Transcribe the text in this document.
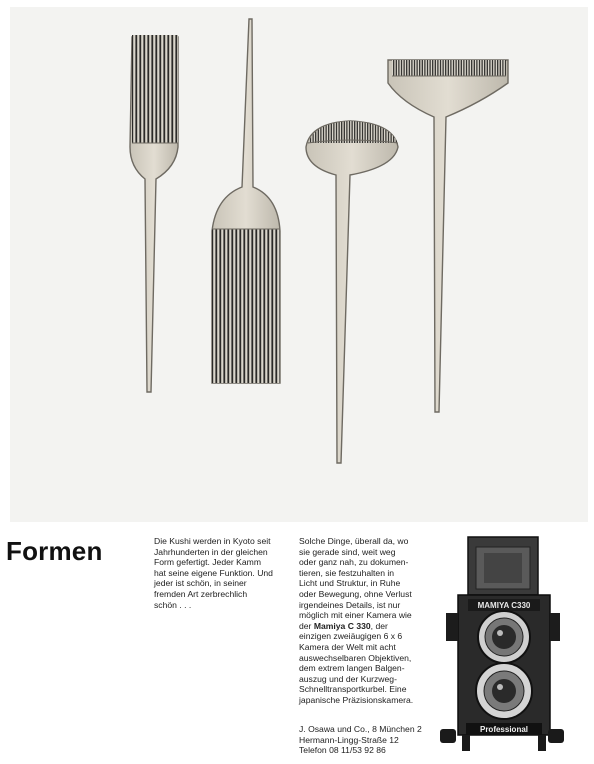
Formen	Die Kushi werden in Kyoto seit
Jahrhunderten in der gleichen
Form gefertigt. Jeder Kamm
hat seine eigene Funktion. Und
jeder ist schön, in seiner
fremden Art zerbrechlich
schön . . .
Solche Dinge, überall da, wo
sie gerade sind, weit weg
oder ganz nah, zu dokumen-
tieren, sie festzuhalten in
Licht und Struktur, in Ruhe
oder Bewegung, ohne Verlust
irgendeines Details, ist nur
möglich mit einer Kamera wie
der Mamiya C 330, der
einzigen zweiäugigen 6 x 6
Kamera der Welt mit acht
auswechselbaren Objektiven,
dem extrem langen Balgen-
auszug und der Kurzweg-
Schnelltransportkurbel. Eine
japanische Präzisionskamera.
J. Osawa und Co., 8 München 2
Hermann-Lingg-Straße 12
Telefon 08 11/53 92 86
MAMIYA C330
Professional
